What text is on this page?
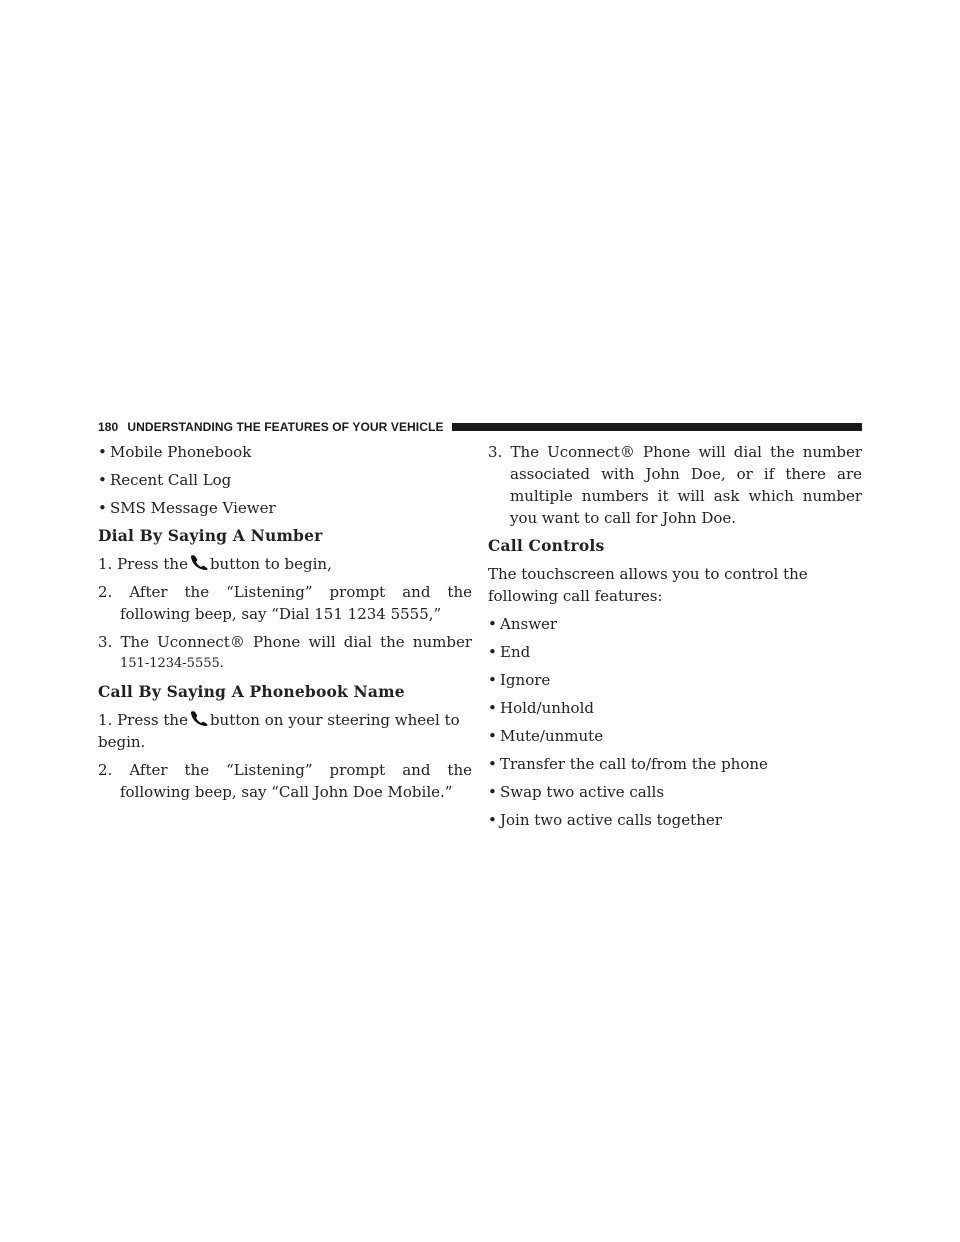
180 UNDERSTANDING THE FEATURES OF YOUR VEHICLE
• Mobile Phonebook
• Recent Call Log
• SMS Message Viewer
Dial By Saying A Number
1. Press the button to begin,
2. After the “Listening” prompt and the following beep, say “Dial 151 1234 5555,”
3. The Uconnect® Phone will dial the number
151-1234-5555.
Call By Saying A Phonebook Name
1. Press the button on your steering wheel to begin.
2. After the “Listening” prompt and the following beep, say “Call John Doe Mobile.”
3. The Uconnect® Phone will dial the number associated with John Doe, or if there are multiple numbers it will ask which number you want to call for John Doe.
Call Controls
The touchscreen allows you to control the following call features:
• Answer
• End
• Ignore
• Hold/unhold
• Mute/unmute
• Transfer the call to/from the phone
• Swap two active calls
• Join two active calls together
